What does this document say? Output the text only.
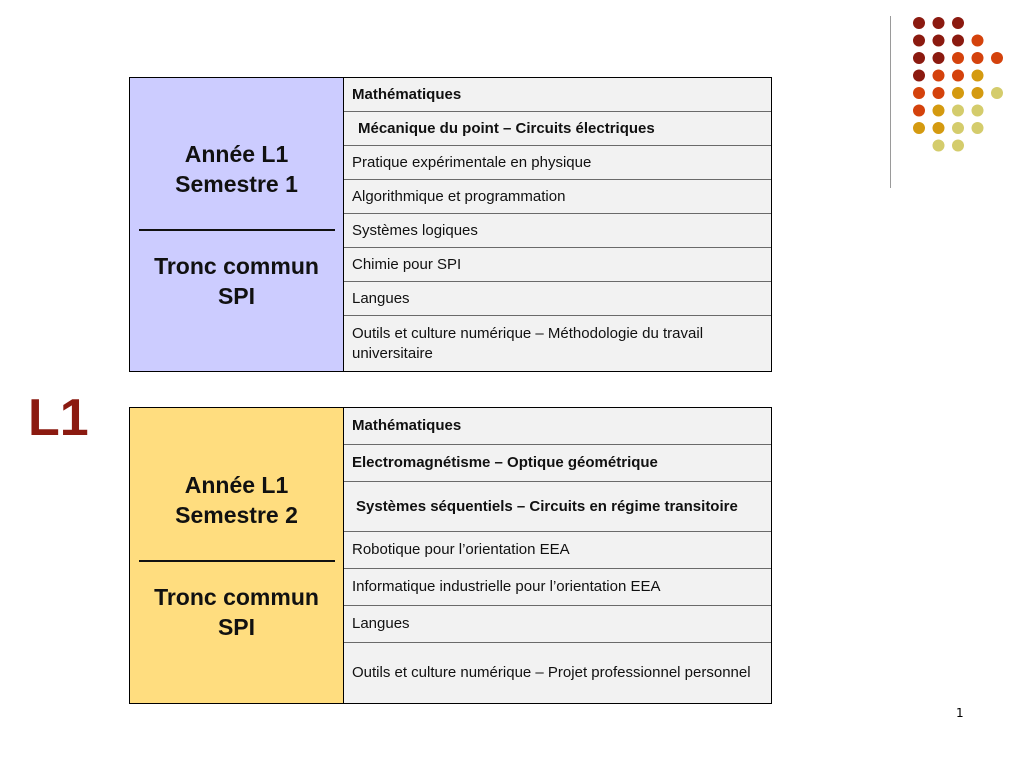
L1
Année L1
Semestre 1
Tronc commun
SPI
Mathématiques
Mécanique du point – Circuits électriques
Pratique expérimentale en physique
Algorithmique et programmation
Systèmes logiques
Chimie pour SPI
Langues
Outils et culture numérique – Méthodologie du travail universitaire
Année L1
Semestre 2
Tronc commun
SPI
Mathématiques
Electromagnétisme – Optique géométrique
Systèmes séquentiels – Circuits en régime transitoire
Robotique pour l’orientation EEA
Informatique industrielle pour l’orientation EEA
Langues
Outils et culture numérique – Projet professionnel personnel
1
